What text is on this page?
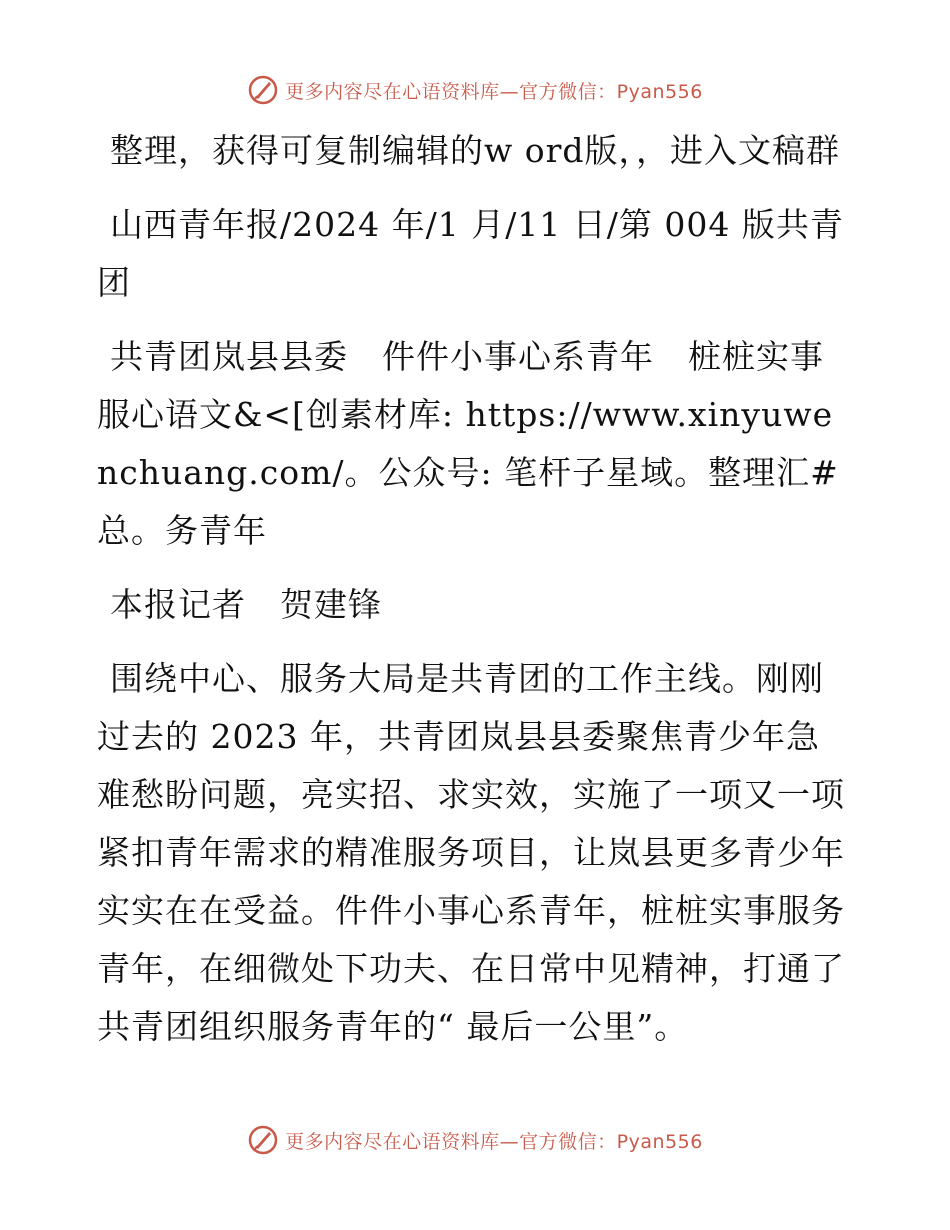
更多内容尽在心语资料库—官方微信：Pyan556

整理，获得可复制编辑的w ord版，，进入文稿群

山西青年报/2024 年/1 月/11 日/第 004 版共青团

共青团岚县县委　件件小事心系青年　桩桩实事服心语文&<[创素材库: https://www.xinyuwenchuang.com/。公众号: 笔杆子星域。整理汇#总。务青年

本报记者　贺建锋

围绕中心、服务大局是共青团的工作主线。刚刚过去的 2023 年，共青团岚县县委聚焦青少年急难愁盼问题，亮实招、求实效，实施了一项又一项紧扣青年需求的精准服务项目，让岚县更多青少年实实在在受益。件件小事心系青年，桩桩实事服务青年，在细微处下功夫、在日常中见精神，打通了共青团组织服务青年的“ 最后一公里”。

更多内容尽在心语资料库—官方微信：Pyan556
